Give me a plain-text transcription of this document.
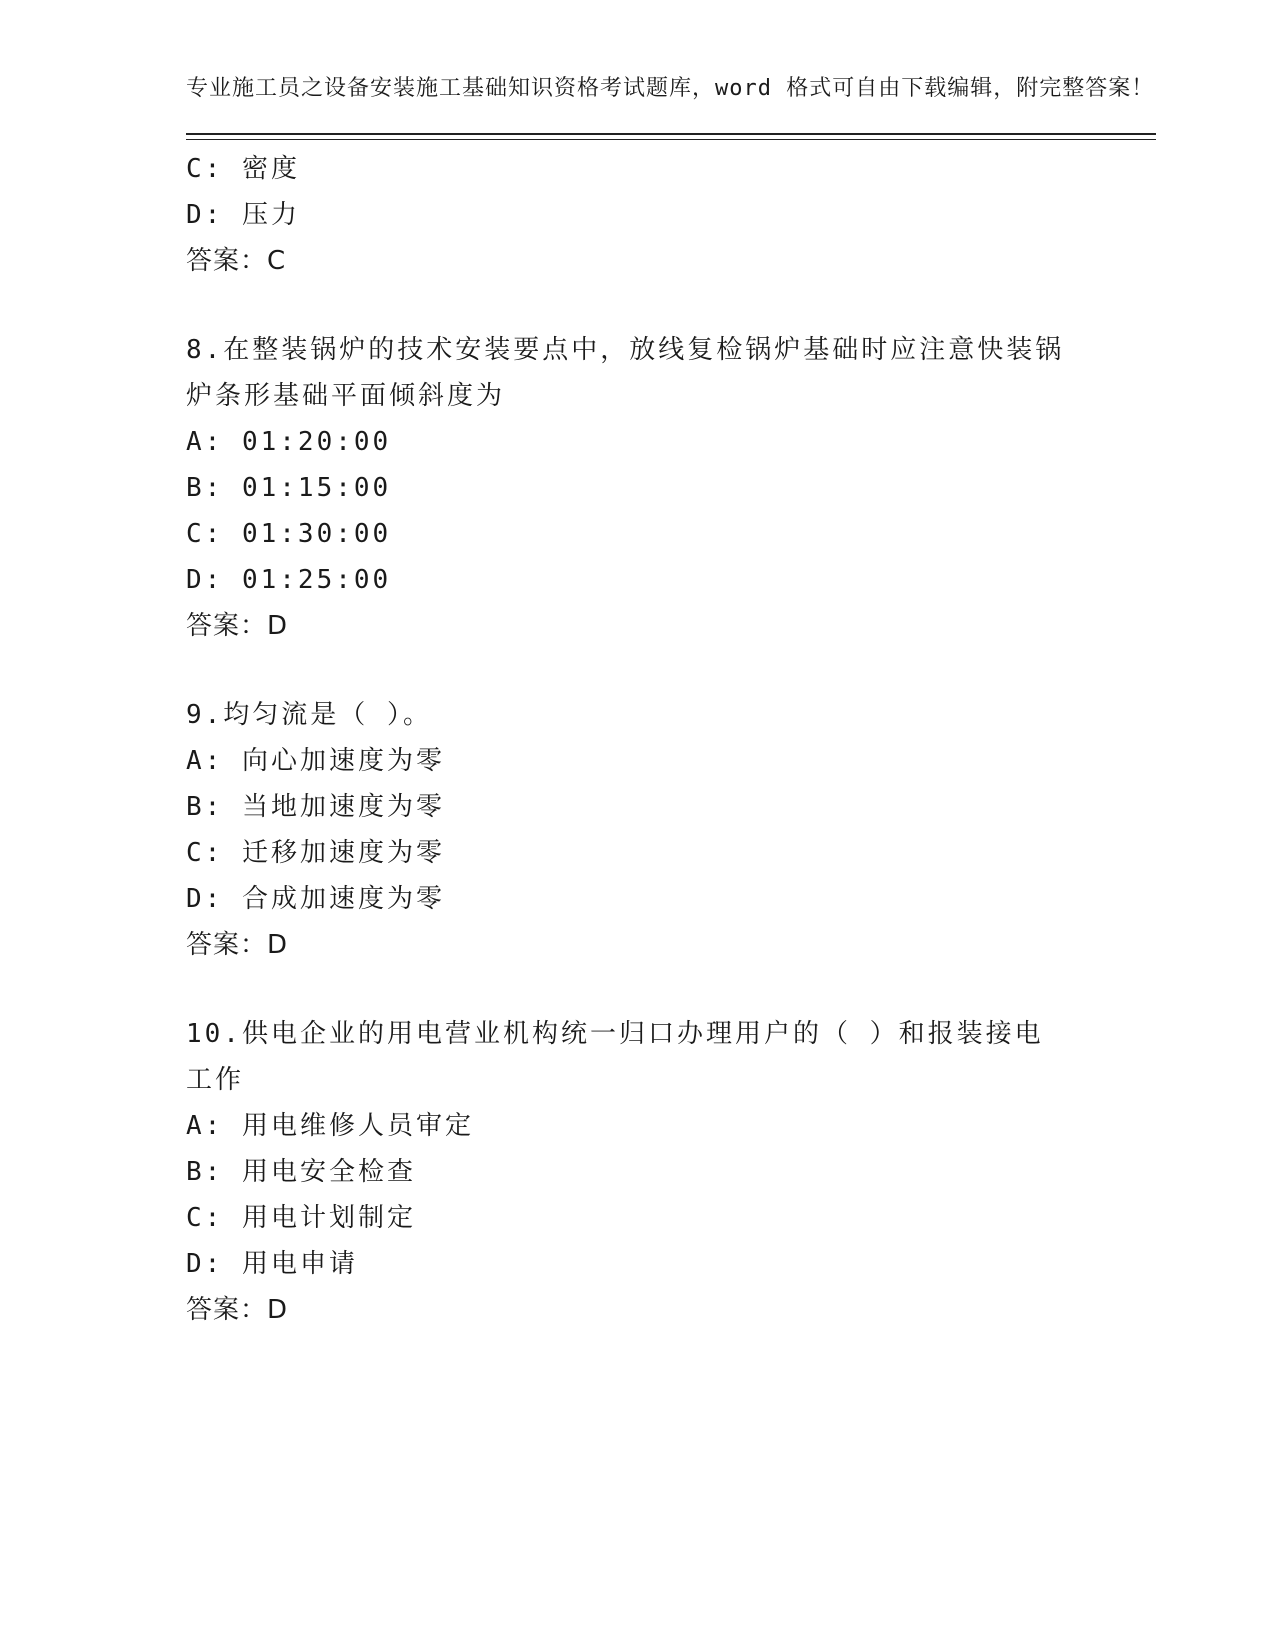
专业施工员之设备安装施工基础知识资格考试题库，word 格式可自由下载编辑，附完整答案！

C: 密度

D: 压力

答案：C

8.在整装锅炉的技术安装要点中，放线复检锅炉基础时应注意快装锅炉条形基础平面倾斜度为

A: 01:20:00

B: 01:15:00

C: 01:30:00

D: 01:25:00

答案：D

9.均匀流是（ ）。

A: 向心加速度为零

B: 当地加速度为零

C: 迁移加速度为零

D: 合成加速度为零

答案：D

10.供电企业的用电营业机构统一归口办理用户的（ ）和报装接电工作

A: 用电维修人员审定

B: 用电安全检查

C: 用电计划制定

D: 用电申请

答案：D
